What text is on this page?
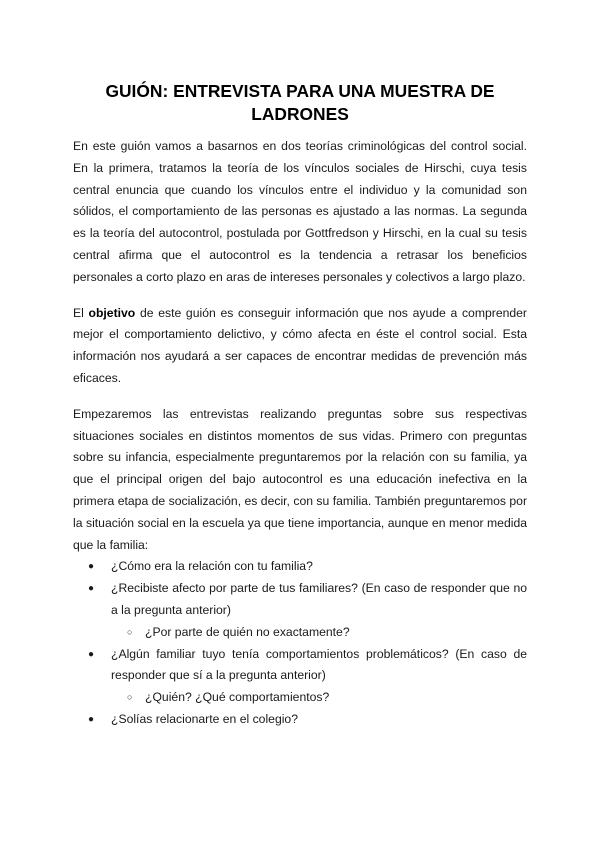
GUIÓN: ENTREVISTA PARA UNA MUESTRA DE
LADRONES

En este guión vamos a basarnos en dos teorías criminológicas del control social. En la primera, tratamos la teoría de los vínculos sociales de Hirschi, cuya tesis central enuncia que cuando los vínculos entre el individuo y la comunidad son sólidos, el comportamiento de las personas es ajustado a las normas. La segunda es la teoría del autocontrol, postulada por Gottfredson y Hirschi, en la cual su tesis central afirma que el autocontrol es la tendencia a retrasar los beneficios personales a corto plazo en aras de intereses personales y colectivos a largo plazo.

El objetivo de este guión es conseguir información que nos ayude a comprender mejor el comportamiento delictivo, y cómo afecta en éste el control social. Esta información nos ayudará a ser capaces de encontrar medidas de prevención más eficaces.

Empezaremos las entrevistas realizando preguntas sobre sus respectivas situaciones sociales en distintos momentos de sus vidas. Primero con preguntas sobre su infancia, especialmente preguntaremos por la relación con su familia, ya que el principal origen del bajo autocontrol es una educación inefectiva en la primera etapa de socialización, es decir, con su familia. También preguntaremos por la situación social en la escuela ya que tiene importancia, aunque en menor medida que la familia:

● ¿Cómo era la relación con tu familia?
● ¿Recibiste afecto por parte de tus familiares? (En caso de responder que no a la pregunta anterior)
○ ¿Por parte de quién no exactamente?
● ¿Algún familiar tuyo tenía comportamientos problemáticos? (En caso de responder que sí a la pregunta anterior)
○ ¿Quién? ¿Qué comportamientos?
● ¿Solías relacionarte en el colegio?
